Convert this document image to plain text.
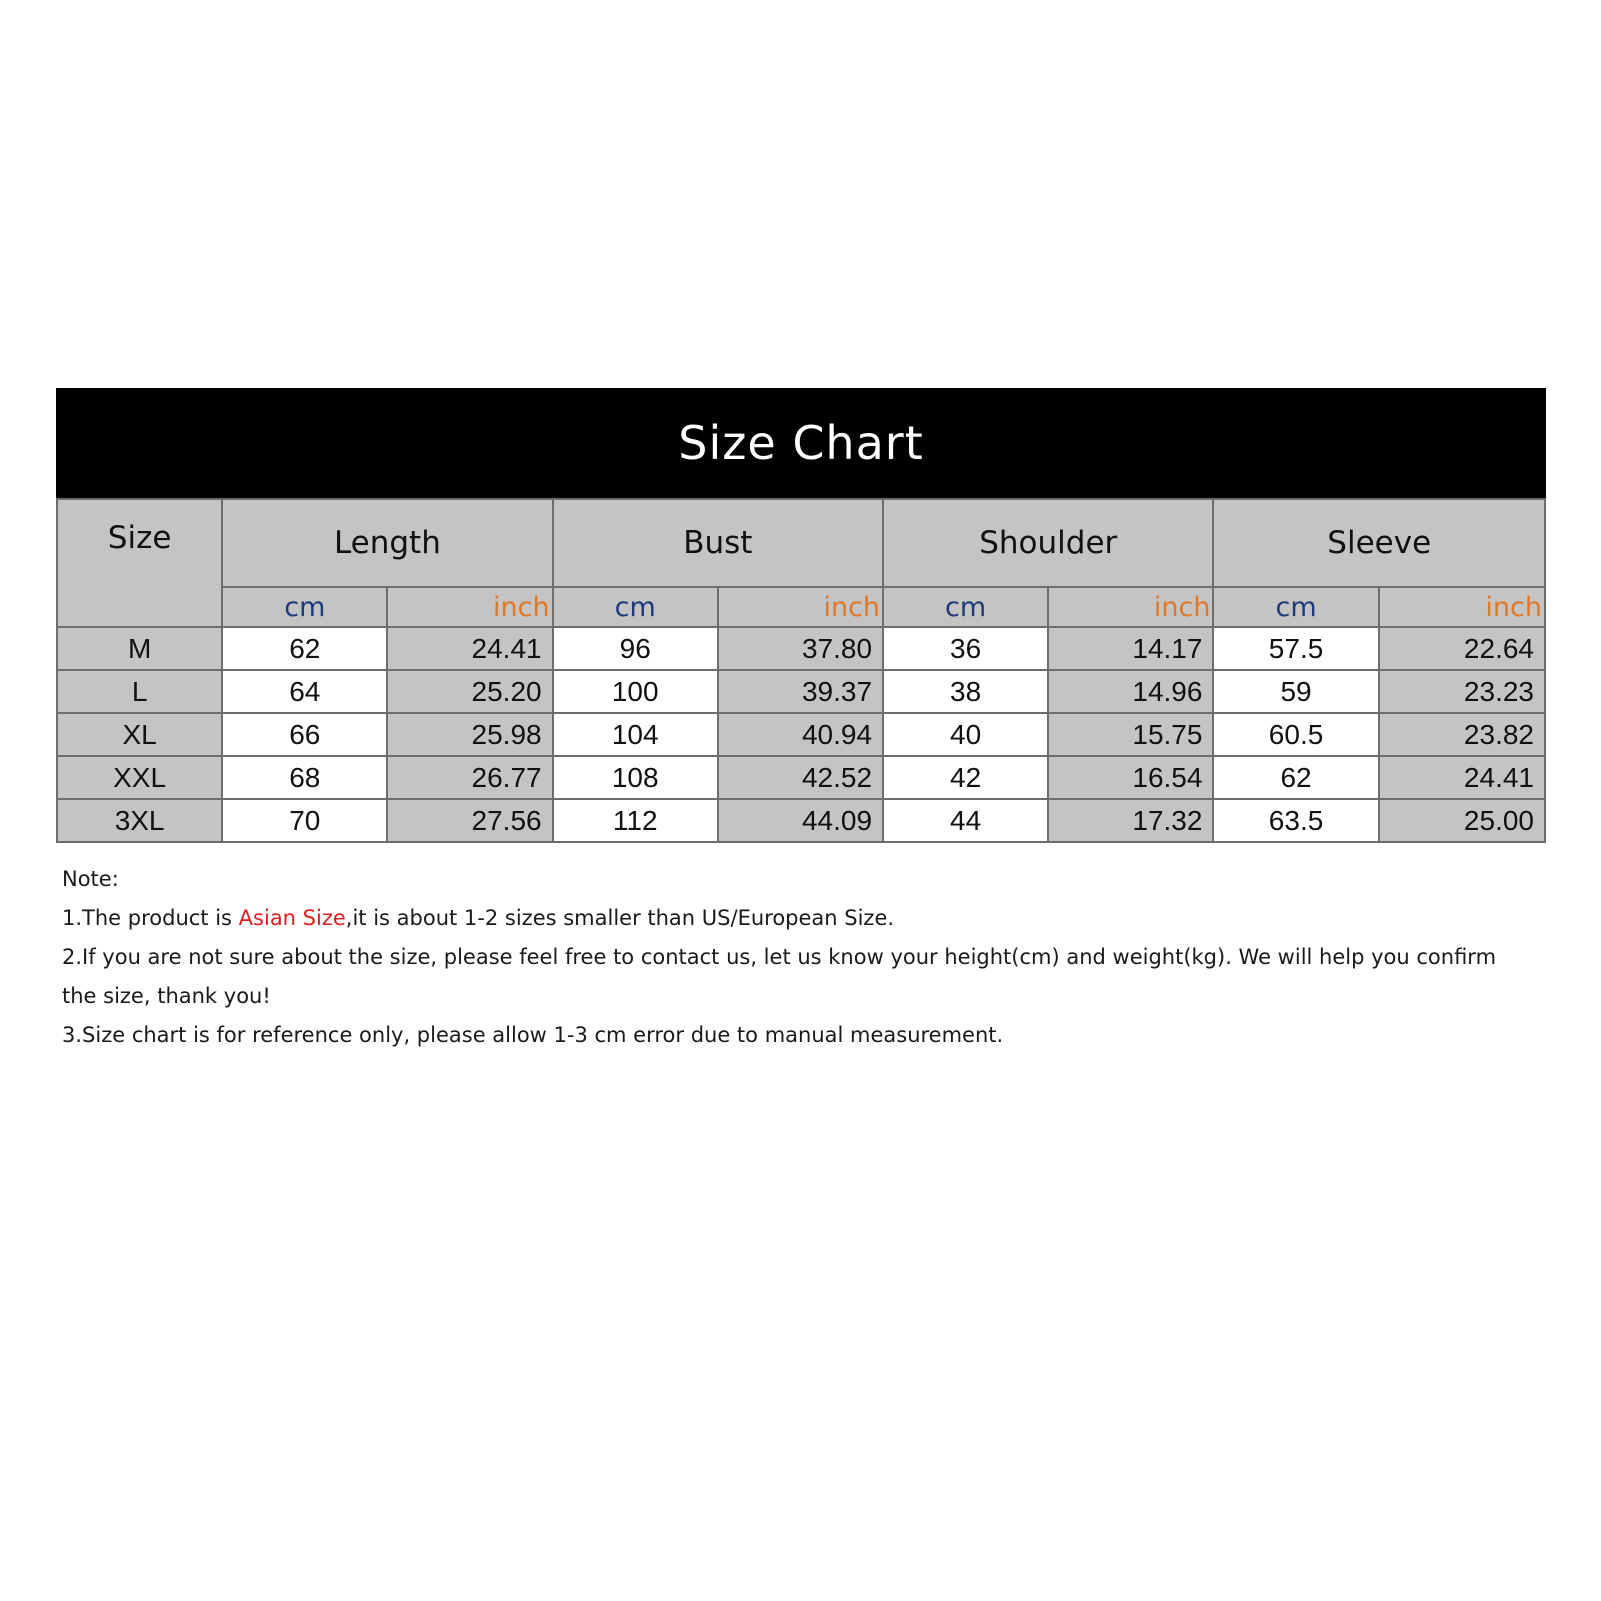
Size Chart
Size	Length		Bust		Shoulder		Sleeve	
	cm	inch	cm	inch	cm	inch	cm	inch
M	62	24.41	96	37.80	36	14.17	57.5	22.64
L	64	25.20	100	39.37	38	14.96	59	23.23
XL	66	25.98	104	40.94	40	15.75	60.5	23.82
XXL	68	26.77	108	42.52	42	16.54	62	24.41
3XL	70	27.56	112	44.09	44	17.32	63.5	25.00

Note:

1.The product is Asian Size,it is about 1-2 sizes smaller than US/European Size.

2.If you are not sure about the size, please feel free to contact us, let us know your height(cm) and weight(kg). We will help you confirm the size, thank you!

3.Size chart is for reference only, please allow 1-3 cm error due to manual measurement.
